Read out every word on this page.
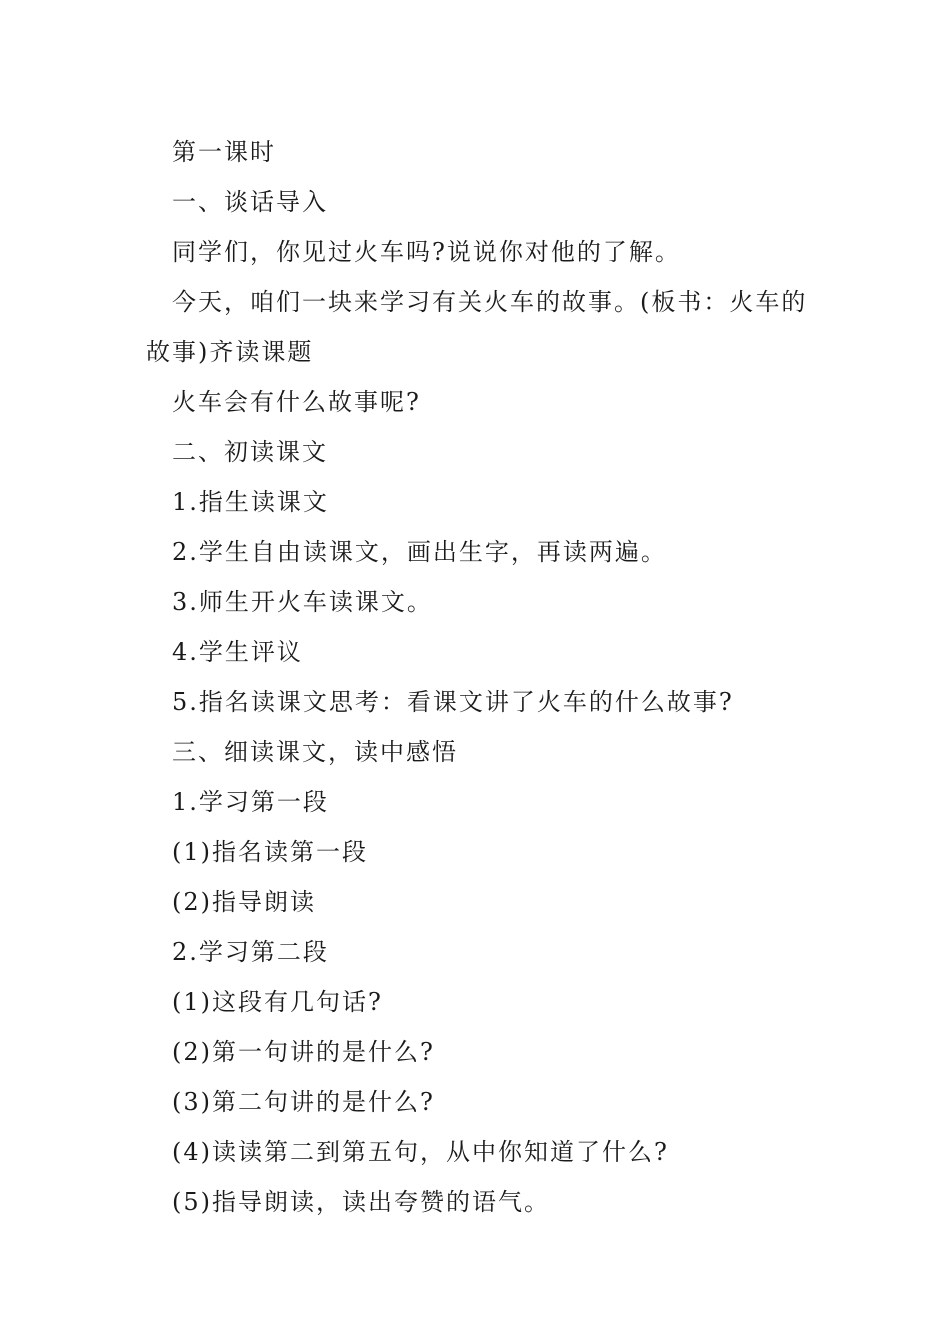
第一课时

一、谈话导入

同学们，你见过火车吗?说说你对他的了解。

今天，咱们一块来学习有关火车的故事。(板书：火车的故事)齐读课题

火车会有什么故事呢?

二、初读课文

1.指生读课文

2.学生自由读课文，画出生字，再读两遍。

3.师生开火车读课文。

4.学生评议

5.指名读课文思考：看课文讲了火车的什么故事?

三、细读课文，读中感悟

1.学习第一段

(1)指名读第一段

(2)指导朗读

2.学习第二段

(1)这段有几句话?

(2)第一句讲的是什么?

(3)第二句讲的是什么?

(4)读读第二到第五句，从中你知道了什么?

(5)指导朗读，读出夸赞的语气。
